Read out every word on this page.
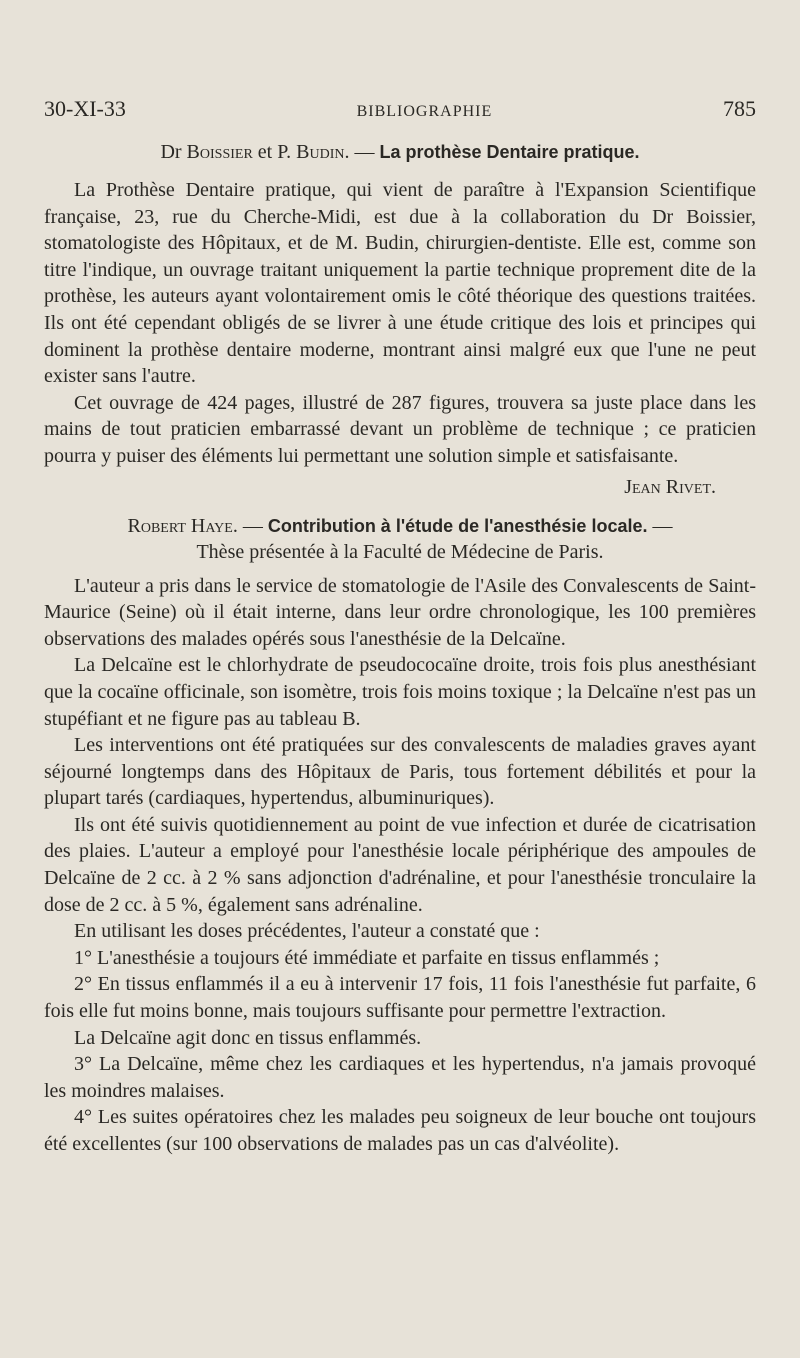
30-XI-33	BIBLIOGRAPHIE	785
Dr Boissier et P. Budin. — La prothèse Dentaire pratique.

La Prothèse Dentaire pratique, qui vient de paraître à l'Expansion Scientifique française, 23, rue du Cherche-Midi, est due à la collaboration du Dr Boissier, stomatologiste des Hôpitaux, et de M. Budin, chirurgien-dentiste. Elle est, comme son titre l'indique, un ouvrage traitant uniquement la partie technique proprement dite de la prothèse, les auteurs ayant volontairement omis le côté théorique des questions traitées. Ils ont été cependant obligés de se livrer à une étude critique des lois et principes qui dominent la prothèse dentaire moderne, montrant ainsi malgré eux que l'une ne peut exister sans l'autre.

Cet ouvrage de 424 pages, illustré de 287 figures, trouvera sa juste place dans les mains de tout praticien embarrassé devant un problème de technique ; ce praticien pourra y puiser des éléments lui permettant une solution simple et satisfaisante.

Jean Rivet.
Robert Haye. — Contribution à l'étude de l'anesthésie locale. —
Thèse présentée à la Faculté de Médecine de Paris.

L'auteur a pris dans le service de stomatologie de l'Asile des Convalescents de Saint-Maurice (Seine) où il était interne, dans leur ordre chronologique, les 100 premières observations des malades opérés sous l'anesthésie de la Delcaïne.

La Delcaïne est le chlorhydrate de pseudococaïne droite, trois fois plus anesthésiant que la cocaïne officinale, son isomètre, trois fois moins toxique ; la Delcaïne n'est pas un stupéfiant et ne figure pas au tableau B.

Les interventions ont été pratiquées sur des convalescents de maladies graves ayant séjourné longtemps dans des Hôpitaux de Paris, tous fortement débilités et pour la plupart tarés (cardiaques, hypertendus, albuminuriques).

Ils ont été suivis quotidiennement au point de vue infection et durée de cicatrisation des plaies. L'auteur a employé pour l'anesthésie locale périphérique des ampoules de Delcaïne de 2 cc. à 2 % sans adjonction d'adrénaline, et pour l'anesthésie tronculaire la dose de 2 cc. à 5 %, également sans adrénaline.

En utilisant les doses précédentes, l'auteur a constaté que :

1° L'anesthésie a toujours été immédiate et parfaite en tissus enflammés ;

2° En tissus enflammés il a eu à intervenir 17 fois, 11 fois l'anesthésie fut parfaite, 6 fois elle fut moins bonne, mais toujours suffisante pour permettre l'extraction.

La Delcaïne agit donc en tissus enflammés.

3° La Delcaïne, même chez les cardiaques et les hypertendus, n'a jamais provoqué les moindres malaises.

4° Les suites opératoires chez les malades peu soigneux de leur bouche ont toujours été excellentes (sur 100 observations de malades pas un cas d'alvéolite).
